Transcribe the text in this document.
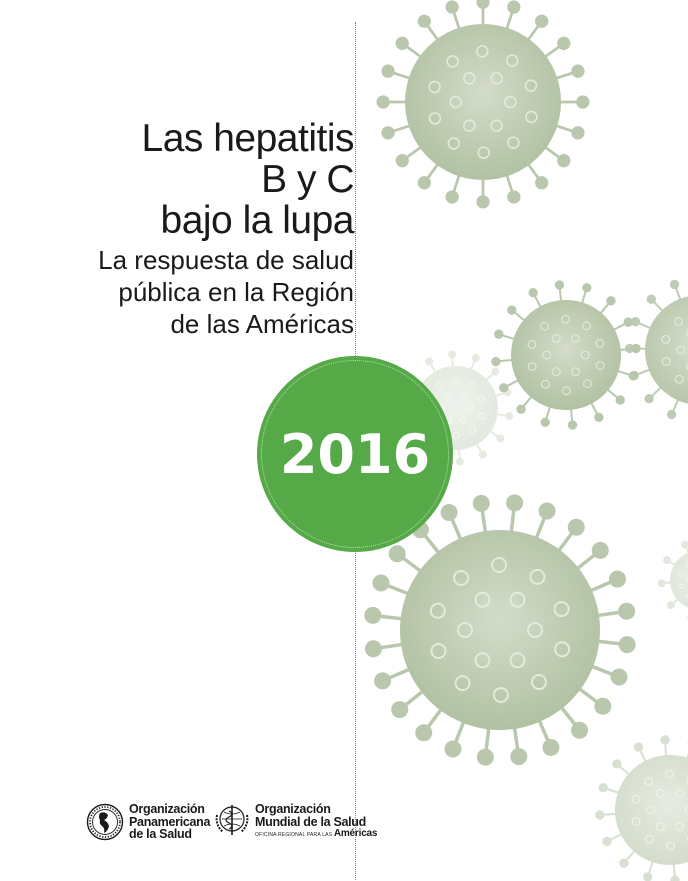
Las hepatitis
B y C
bajo la lupa
La respuesta de salud
pública en la Región
de las Américas
2016
Organización
Panamericana
de la Salud
Organización
Mundial de la Salud
OFICINA REGIONAL PARA LAS Américas
